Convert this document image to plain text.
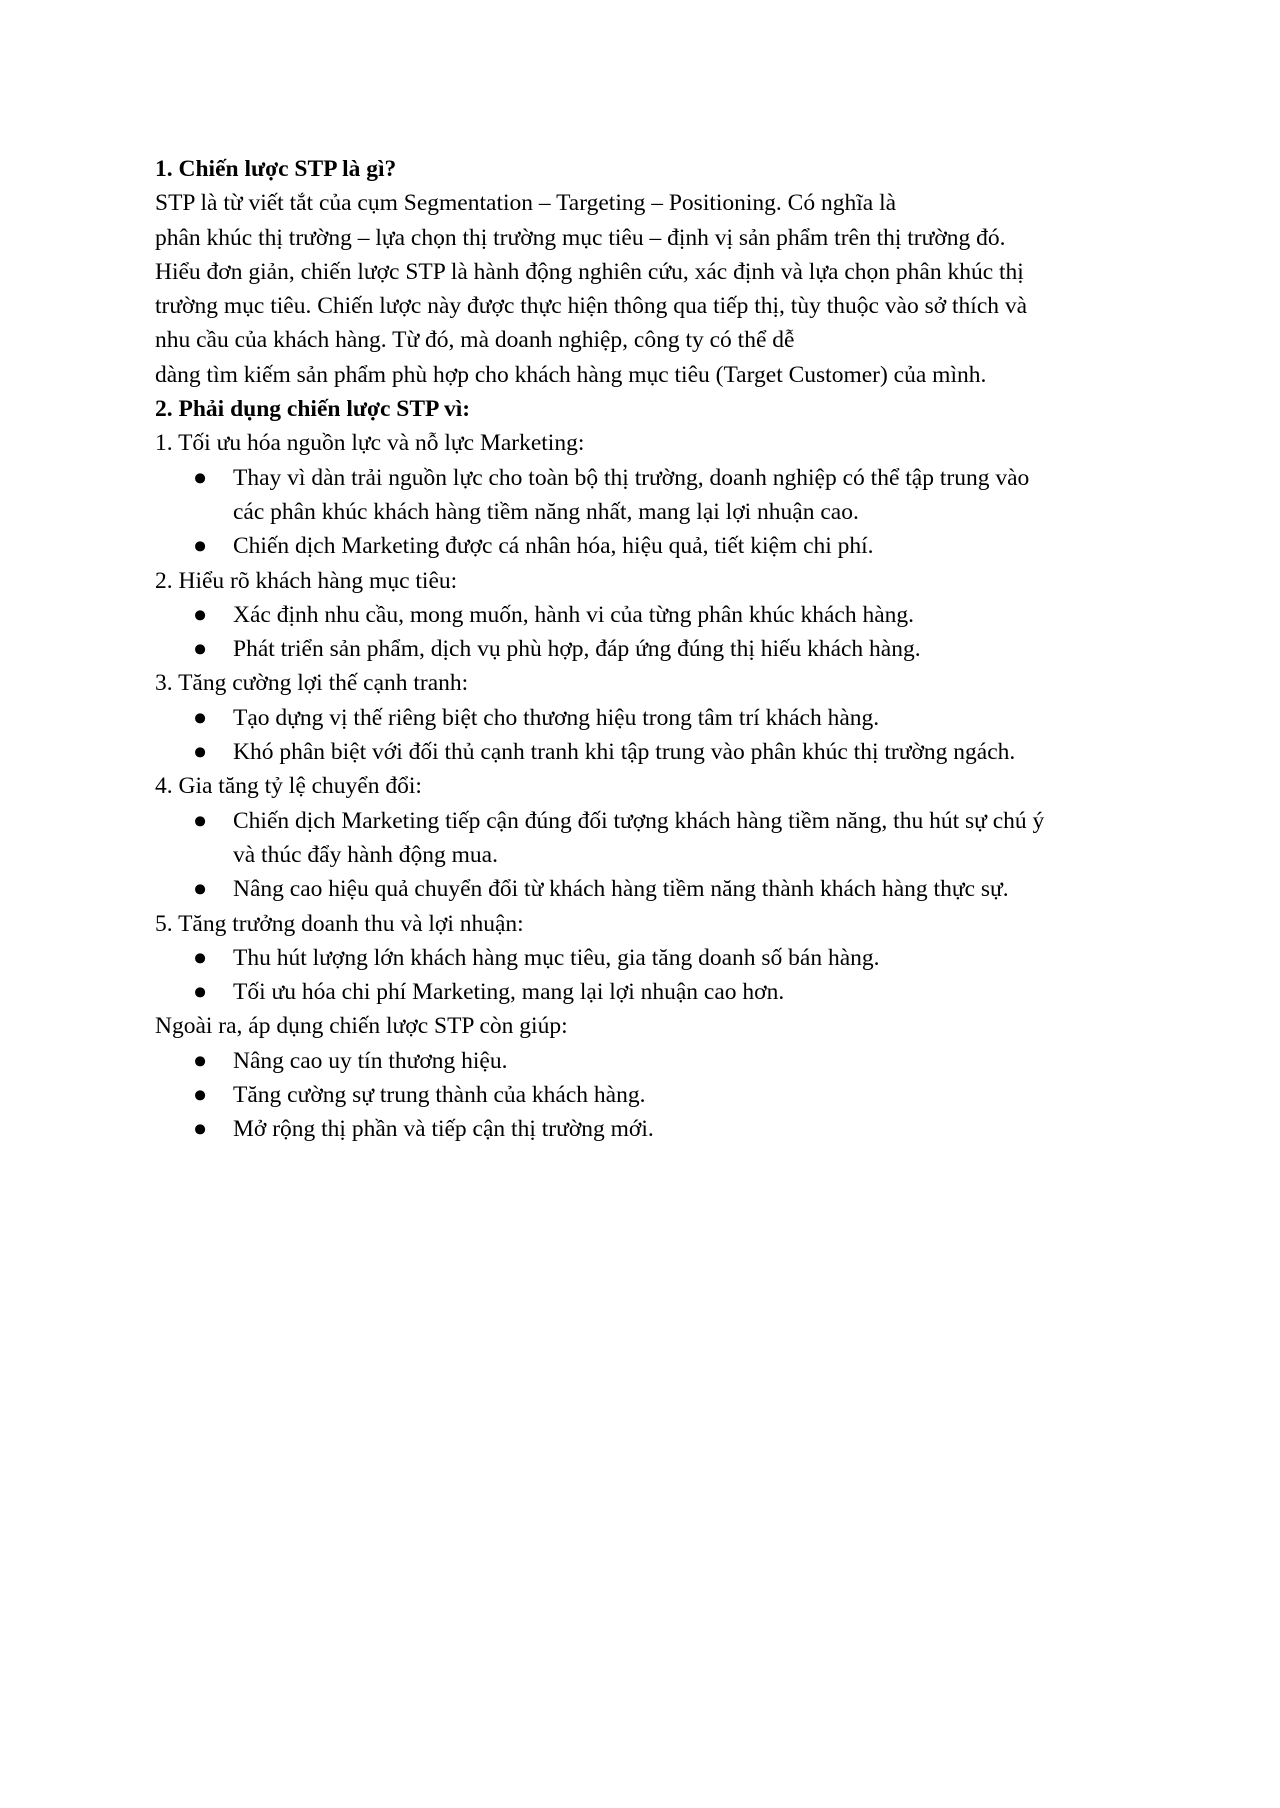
1. Chiến lược STP là gì?
STP là từ viết tắt của cụm Segmentation – Targeting – Positioning. Có nghĩa là
phân khúc thị trường – lựa chọn thị trường mục tiêu – định vị sản phẩm trên thị trường đó.
Hiểu đơn giản, chiến lược STP là hành động nghiên cứu, xác định và lựa chọn phân khúc thị
trường mục tiêu. Chiến lược này được thực hiện thông qua tiếp thị, tùy thuộc vào sở thích và
nhu cầu của khách hàng. Từ đó, mà doanh nghiệp, công ty có thể dễ
dàng tìm kiếm sản phẩm phù hợp cho khách hàng mục tiêu (Target Customer) của mình.
2. Phải dụng chiến lược STP vì:
1. Tối ưu hóa nguồn lực và nỗ lực Marketing:
● Thay vì dàn trải nguồn lực cho toàn bộ thị trường, doanh nghiệp có thể tập trung vào
các phân khúc khách hàng tiềm năng nhất, mang lại lợi nhuận cao.
● Chiến dịch Marketing được cá nhân hóa, hiệu quả, tiết kiệm chi phí.
2. Hiểu rõ khách hàng mục tiêu:
● Xác định nhu cầu, mong muốn, hành vi của từng phân khúc khách hàng.
● Phát triển sản phẩm, dịch vụ phù hợp, đáp ứng đúng thị hiếu khách hàng.
3. Tăng cường lợi thế cạnh tranh:
● Tạo dựng vị thế riêng biệt cho thương hiệu trong tâm trí khách hàng.
● Khó phân biệt với đối thủ cạnh tranh khi tập trung vào phân khúc thị trường ngách.
4. Gia tăng tỷ lệ chuyển đổi:
● Chiến dịch Marketing tiếp cận đúng đối tượng khách hàng tiềm năng, thu hút sự chú ý
và thúc đẩy hành động mua.
● Nâng cao hiệu quả chuyển đổi từ khách hàng tiềm năng thành khách hàng thực sự.
5. Tăng trưởng doanh thu và lợi nhuận:
● Thu hút lượng lớn khách hàng mục tiêu, gia tăng doanh số bán hàng.
● Tối ưu hóa chi phí Marketing, mang lại lợi nhuận cao hơn.
Ngoài ra, áp dụng chiến lược STP còn giúp:
● Nâng cao uy tín thương hiệu.
● Tăng cường sự trung thành của khách hàng.
● Mở rộng thị phần và tiếp cận thị trường mới.
